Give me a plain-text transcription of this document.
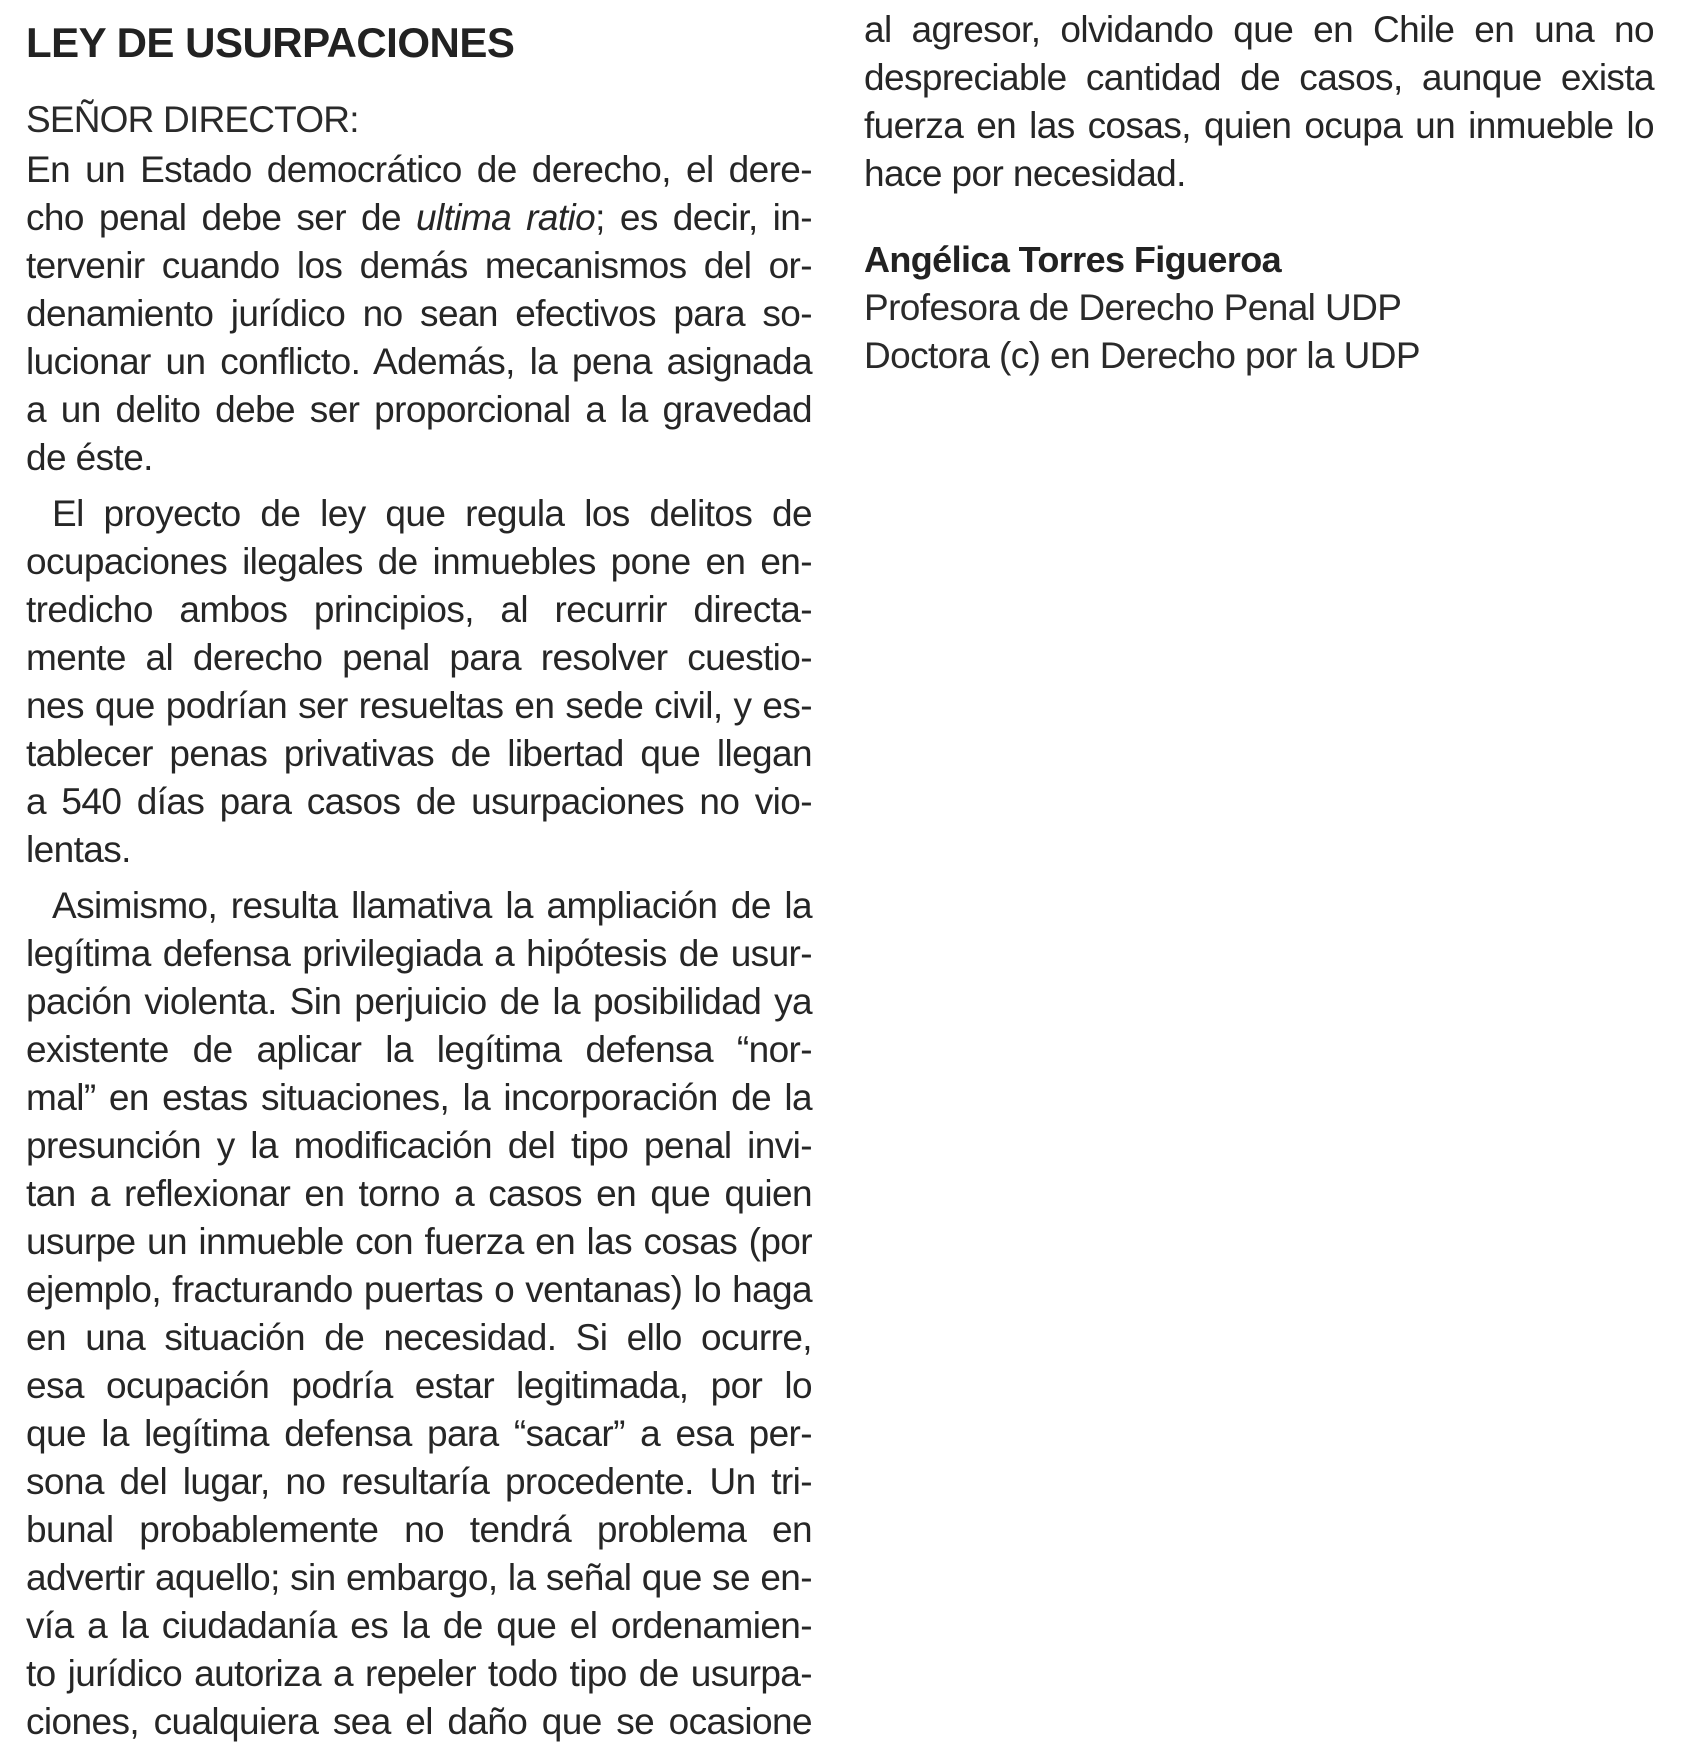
LEY DE USURPACIONES

SEÑOR DIRECTOR:

En un Estado democrático de derecho, el dere-
cho penal debe ser de ultima ratio; es decir, in-
tervenir cuando los demás mecanismos del or-
denamiento jurídico no sean efectivos para so-
lucionar un conflicto. Además, la pena asignada
a un delito debe ser proporcional a la gravedad
de éste.

El proyecto de ley que regula los delitos de
ocupaciones ilegales de inmuebles pone en en-
tredicho ambos principios, al recurrir directa-
mente al derecho penal para resolver cuestio-
nes que podrían ser resueltas en sede civil, y es-
tablecer penas privativas de libertad que llegan
a 540 días para casos de usurpaciones no vio-
lentas.

Asimismo, resulta llamativa la ampliación de la
legítima defensa privilegiada a hipótesis de usur-
pación violenta. Sin perjuicio de la posibilidad ya
existente de aplicar la legítima defensa “nor-
mal” en estas situaciones, la incorporación de la
presunción y la modificación del tipo penal invi-
tan a reflexionar en torno a casos en que quien
usurpe un inmueble con fuerza en las cosas (por
ejemplo, fracturando puertas o ventanas) lo haga
en una situación de necesidad. Si ello ocurre,
esa ocupación podría estar legitimada, por lo
que la legítima defensa para “sacar” a esa per-
sona del lugar, no resultaría procedente. Un tri-
bunal probablemente no tendrá problema en
advertir aquello; sin embargo, la señal que se en-
vía a la ciudadanía es la de que el ordenamien-
to jurídico autoriza a repeler todo tipo de usurpa-
ciones, cualquiera sea el daño que se ocasione

al agresor, olvidando que en Chile en una no
despreciable cantidad de casos, aunque exista
fuerza en las cosas, quien ocupa un inmueble lo
hace por necesidad.

Angélica Torres Figueroa

Profesora de Derecho Penal UDP

Doctora (c) en Derecho por la UDP
